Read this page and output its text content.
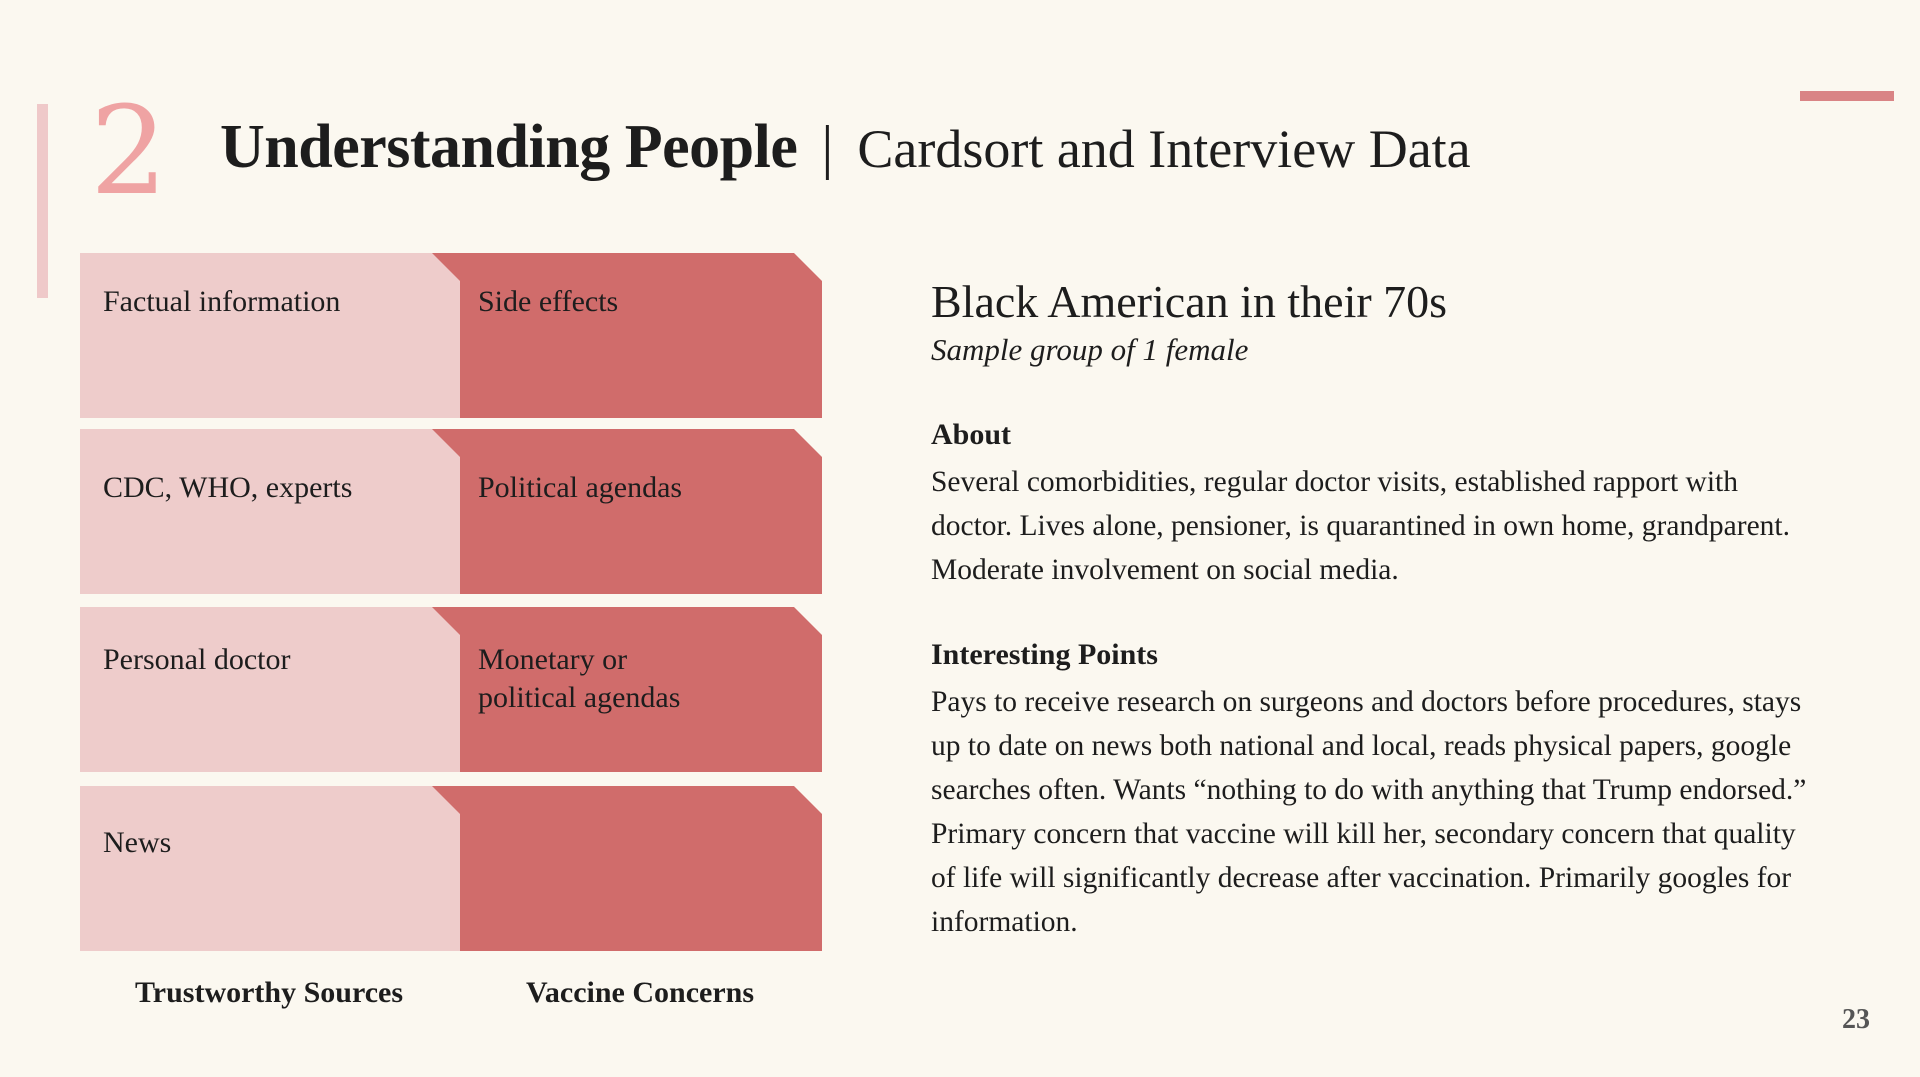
2 Understanding People | Cardsort and Interview Data
Factual information	Side effects
CDC, WHO, experts	Political agendas
Personal doctor	Monetary or political agendas
News
Trustworthy Sources	Vaccine Concerns
Black American in their 70s
Sample group of 1 female
About
Several comorbidities, regular doctor visits, established rapport with doctor. Lives alone, pensioner, is quarantined in own home, grandparent. Moderate involvement on social media.
Interesting Points
Pays to receive research on surgeons and doctors before procedures, stays up to date on news both national and local, reads physical papers, google searches often. Wants “nothing to do with anything that Trump endorsed.” Primary concern that vaccine will kill her, secondary concern that quality of life will significantly decrease after vaccination. Primarily googles for information.
23
